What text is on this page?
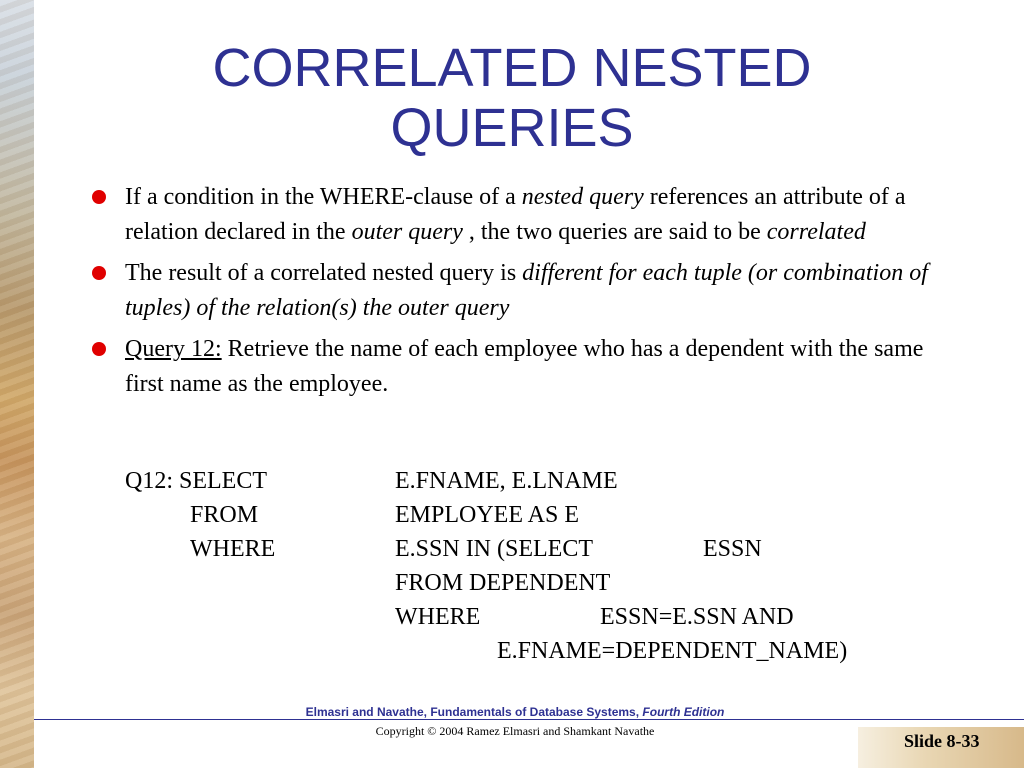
CORRELATED NESTED
QUERIES
If a condition in the WHERE-clause of a nested query references an attribute of a relation declared in the outer query , the two queries are said to be correlated
The result of a correlated nested query is different for each tuple (or combination of tuples) of the relation(s) the outer query
Query 12: Retrieve the name of each employee who has a dependent with the same first name as the employee.
Q12: SELECT	E.FNAME, E.LNAME
FROM	EMPLOYEE AS E
WHERE	E.SSN IN (SELECT	ESSN
FROM DEPENDENT
WHERE	ESSN=E.SSN AND
E.FNAME=DEPENDENT_NAME)
Elmasri and Navathe, Fundamentals of Database Systems, Fourth Edition
Copyright © 2004 Ramez Elmasri and Shamkant Navathe	Slide 8-33
